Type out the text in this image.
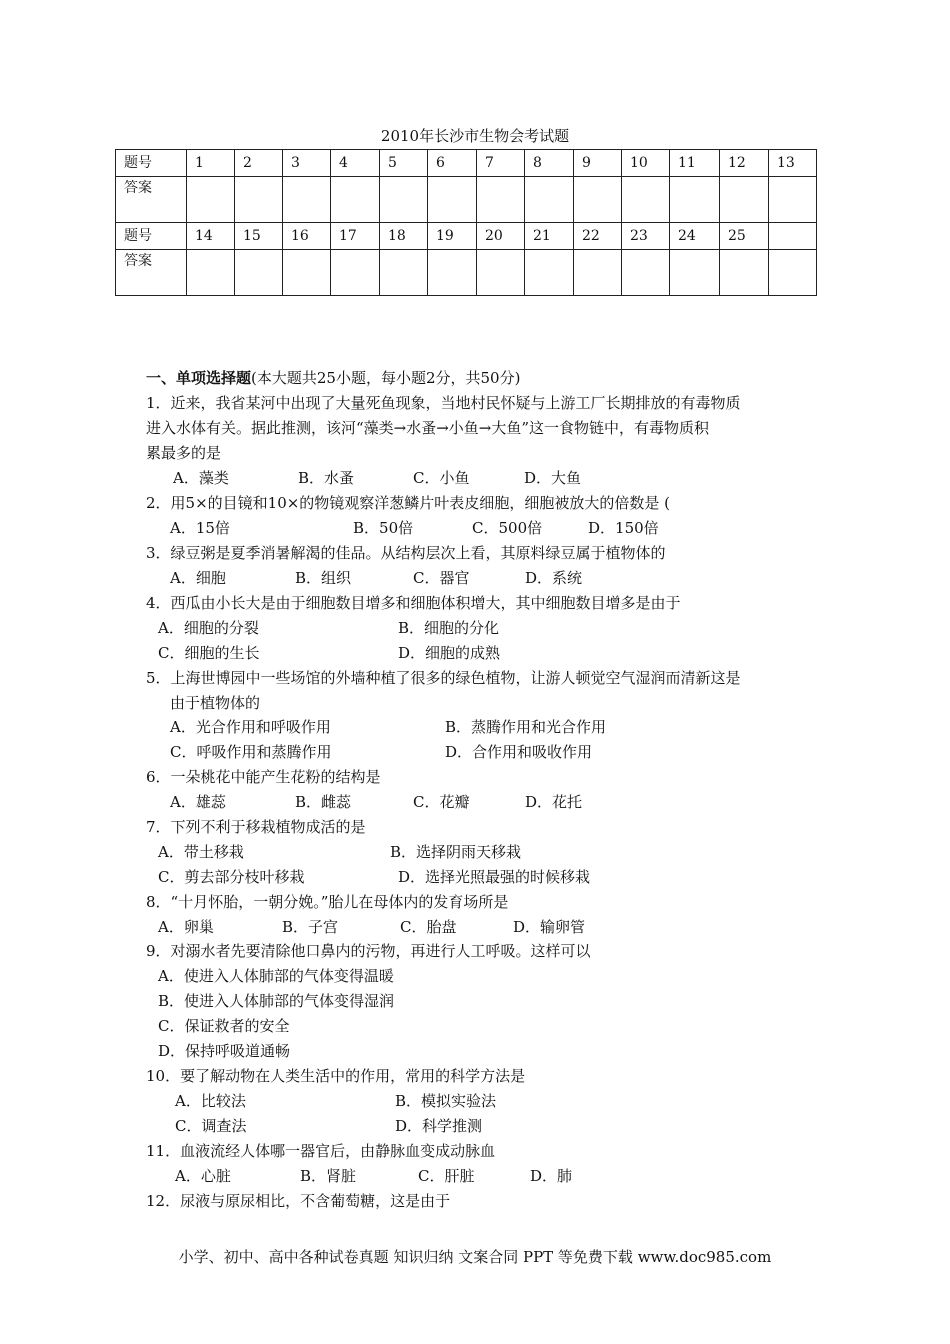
2010年长沙市生物会考试题
题号	1	2	3	4	5	6	7	8	9	10	11	12	13
答案													
题号	14	15	16	17	18	19	20	21	22	23	24	25	
答案													
一、单项选择题(本大题共25小题，每小题2分，共50分)
1．近来，我省某河中出现了大量死鱼现象，当地村民怀疑与上游工厂长期排放的有毒物质
进入水体有关。据此推测，该河“藻类→水蚤→小鱼→大鱼”这一食物链中，有毒物质积
累最多的是
A．藻类	B．水蚤	C．小鱼	D．大鱼
2．用5×的目镜和10×的物镜观察洋葱鳞片叶表皮细胞，细胞被放大的倍数是 (
A．15倍	B．50倍	C．500倍	D．150倍
3．绿豆粥是夏季消暑解渴的佳品。从结构层次上看，其原料绿豆属于植物体的
A．细胞	B．组织	C．器官	D．系统
4．西瓜由小长大是由于细胞数目增多和细胞体积增大，其中细胞数目增多是由于
A．细胞的分裂	B．细胞的分化
C．细胞的生长	D．细胞的成熟
5．上海世博园中一些场馆的外墙种植了很多的绿色植物，让游人顿觉空气湿润而清新这是
由于植物体的
A．光合作用和呼吸作用	B．蒸腾作用和光合作用
C．呼吸作用和蒸腾作用	D．合作用和吸收作用
6．一朵桃花中能产生花粉的结构是
A．雄蕊	B．雌蕊	C．花瓣	D．花托
7．下列不利于移栽植物成活的是
A．带土移栽	B．选择阴雨天移栽
C．剪去部分枝叶移栽	D．选择光照最强的时候移栽
8．“十月怀胎，一朝分娩。”胎儿在母体内的发育场所是
A．卵巢	B．子宫	C．胎盘	D．输卵管
9．对溺水者先要清除他口鼻内的污物，再进行人工呼吸。这样可以
A．使进入人体肺部的气体变得温暖
B．使进入人体肺部的气体变得湿润
C．保证救者的安全
D．保持呼吸道通畅
10．要了解动物在人类生活中的作用，常用的科学方法是
A．比较法	B．模拟实验法
C．调查法	D．科学推测
11．血液流经人体哪一器官后，由静脉血变成动脉血
A．心脏	B．肾脏	C．肝脏	D．肺
12．尿液与原尿相比，不含葡萄糖，这是由于
小学、初中、高中各种试卷真题 知识归纳 文案合同 PPT 等免费下载 www.doc985.com
